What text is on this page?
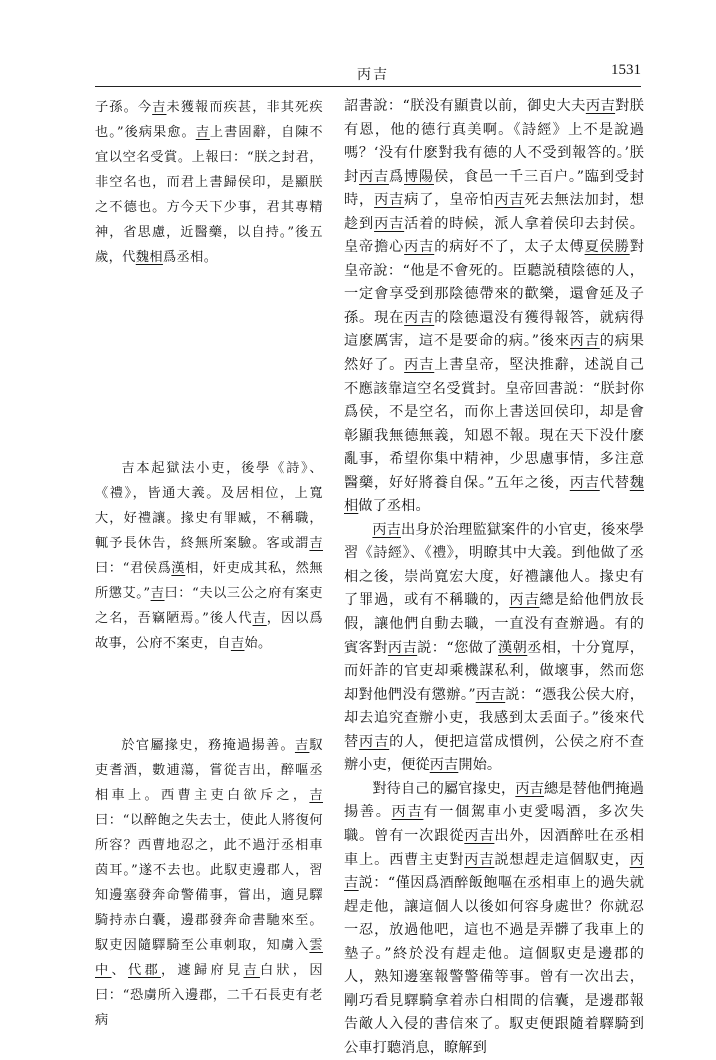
丙吉	1531

子孫。今吉未獲報而疾甚，非其死疾也。”後病果愈。吉上書固辭，自陳不宜以空名受賞。上報曰：“朕之封君，非空名也，而君上書歸侯印，是顯朕之不德也。方今天下少事，君其專精神，省思慮，近醫藥，以自持。”後五歲，代魏相爲丞相。

吉本起獄法小吏，後學《詩》、《禮》，皆通大義。及居相位，上寬大，好禮讓。掾史有罪臧，不稱職，輒予長休告，終無所案驗。客或謂吉曰：“君侯爲漢相，奸吏成其私，然無所懲艾。”吉曰：“夫以三公之府有案吏之名，吾竊陋焉。”後人代吉，因以爲故事，公府不案吏，自吉始。

於官屬掾史，務掩過揚善。吉馭吏耆酒，數逋蕩，嘗從吉出，醉嘔丞相車上。西曹主吏白欲斥之，吉曰：“以醉飽之失去士，使此人將復何所容？西曹地忍之，此不過汙丞相車茵耳。”遂不去也。此馭吏邊郡人，習知邊塞發奔命警備事，嘗出，適見驛騎持赤白囊，邊郡發奔命書馳來至。馭吏因隨驛騎至公車刺取，知虜入雲中、代郡，遽歸府見吉白狀，因曰：“恐虜所入邊郡，二千石長吏有老病

詔書說：“朕没有顯貴以前，御史大夫丙吉對朕有恩，他的德行真美啊。《詩經》上不是說過嗎？‘没有什麽對我有德的人不受到報答的。’朕封丙吉爲博陽侯，食邑一千三百户。”臨到受封時，丙吉病了，皇帝怕丙吉死去無法加封，想趁到丙吉活着的時候，派人拿着侯印去封侯。皇帝擔心丙吉的病好不了，太子太傅夏侯勝對皇帝說：“他是不會死的。臣聽説積陰德的人，一定會享受到那陰德帶來的歡樂，還會延及子孫。現在丙吉的陰德還没有獲得報答，就病得這麽厲害，這不是要命的病。”後來丙吉的病果然好了。丙吉上書皇帝，堅決推辭，述説自己不應該靠這空名受賞封。皇帝回書説：“朕封你爲侯，不是空名，而你上書送回侯印，却是會彰顯我無德無義，知恩不報。現在天下没什麽亂事，希望你集中精神，少思慮事情，多注意醫藥，好好將養自保。”五年之後，丙吉代替魏相做了丞相。

丙吉出身於治理監獄案件的小官吏，後來學習《詩經》、《禮》，明瞭其中大義。到他做了丞相之後，崇尚寬宏大度，好禮讓他人。掾史有了罪過，或有不稱職的，丙吉總是給他們放長假，讓他們自動去職，一直没有查辦過。有的賓客對丙吉説：“您做了漢朝丞相，十分寬厚，而奸詐的官吏却乘機謀私利，做壞事，然而您却對他們没有懲辦。”丙吉説：“憑我公侯大府，却去追究查辦小吏，我感到太丢面子。”後來代替丙吉的人，便把這當成慣例，公侯之府不查辦小吏，便從丙吉開始。

對待自己的屬官掾史，丙吉總是替他們掩過揚善。丙吉有一個駕車小吏愛喝酒，多次失職。曾有一次跟從丙吉出外，因酒醉吐在丞相車上。西曹主吏對丙吉説想趕走這個馭吏，丙吉説：“僅因爲酒醉飯飽嘔在丞相車上的過失就趕走他，讓這個人以後如何容身處世？你就忍一忍，放過他吧，這也不過是弄髒了我車上的墊子。”終於没有趕走他。這個馭吏是邊郡的人，熟知邊塞報警警備等事。曾有一次出去，剛巧看見驛騎拿着赤白相間的信囊，是邊郡報告敵人入侵的書信來了。馭吏便跟隨着驛騎到公車打聽消息，瞭解到
